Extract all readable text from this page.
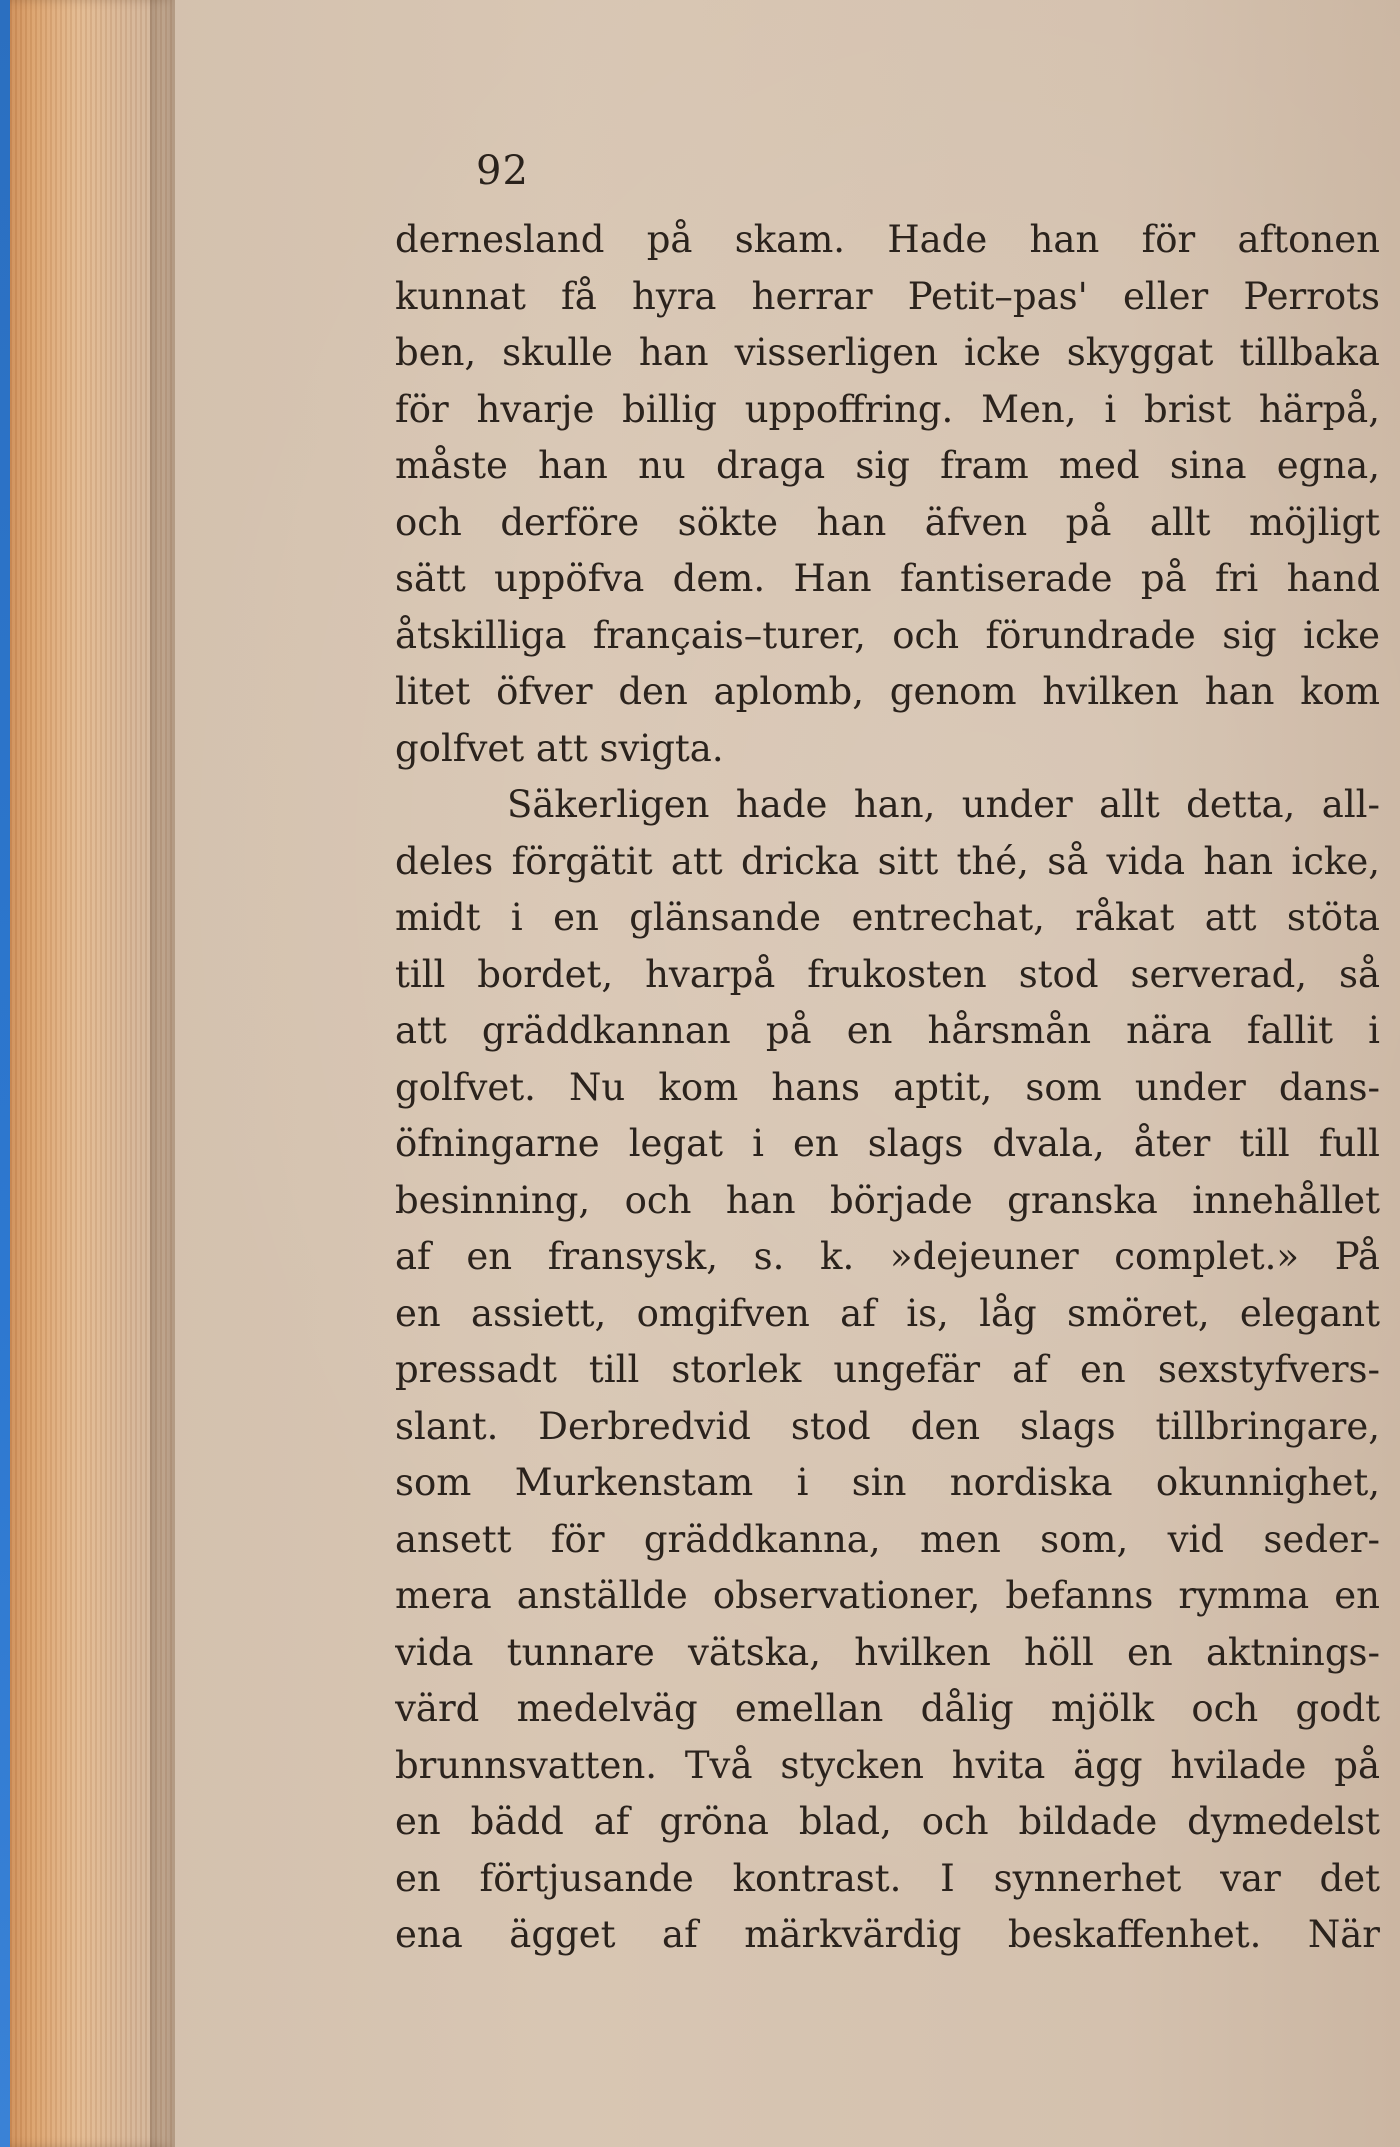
92

dernesland på skam. Hade han för aftonen
kunnat få hyra herrar Petit–pas' eller Perrots
ben, skulle han visserligen icke skyggat tillbaka
för hvarje billig uppoffring. Men, i brist härpå,
måste han nu draga sig fram med sina egna,
och derföre sökte han äfven på allt möjligt
sätt uppöfva dem. Han fantiserade på fri hand
åtskilliga français–turer, och förundrade sig icke
litet öfver den aplomb, genom hvilken han kom
golfvet att svigta.
Säkerligen hade han, under allt detta, all-
deles förgätit att dricka sitt thé, så vida han icke,
midt i en glänsande entrechat, råkat att stöta
till bordet, hvarpå frukosten stod serverad, så
att gräddkannan på en hårsmån nära fallit i
golfvet. Nu kom hans aptit, som under dans-
öfningarne legat i en slags dvala, åter till full
besinning, och han började granska innehållet
af en fransysk, s. k. »dejeuner complet.» På
en assiett, omgifven af is, låg smöret, elegant
pressadt till storlek ungefär af en sexstyfvers-
slant. Derbredvid stod den slags tillbringare,
som Murkenstam i sin nordiska okunnighet,
ansett för gräddkanna, men som, vid seder-
mera anställde observationer, befanns rymma en
vida tunnare vätska, hvilken höll en aktnings-
värd medelväg emellan dålig mjölk och godt
brunnsvatten. Två stycken hvita ägg hvilade på
en bädd af gröna blad, och bildade dymedelst
en förtjusande kontrast. I synnerhet var det
ena ägget af märkvärdig beskaffenhet. När
